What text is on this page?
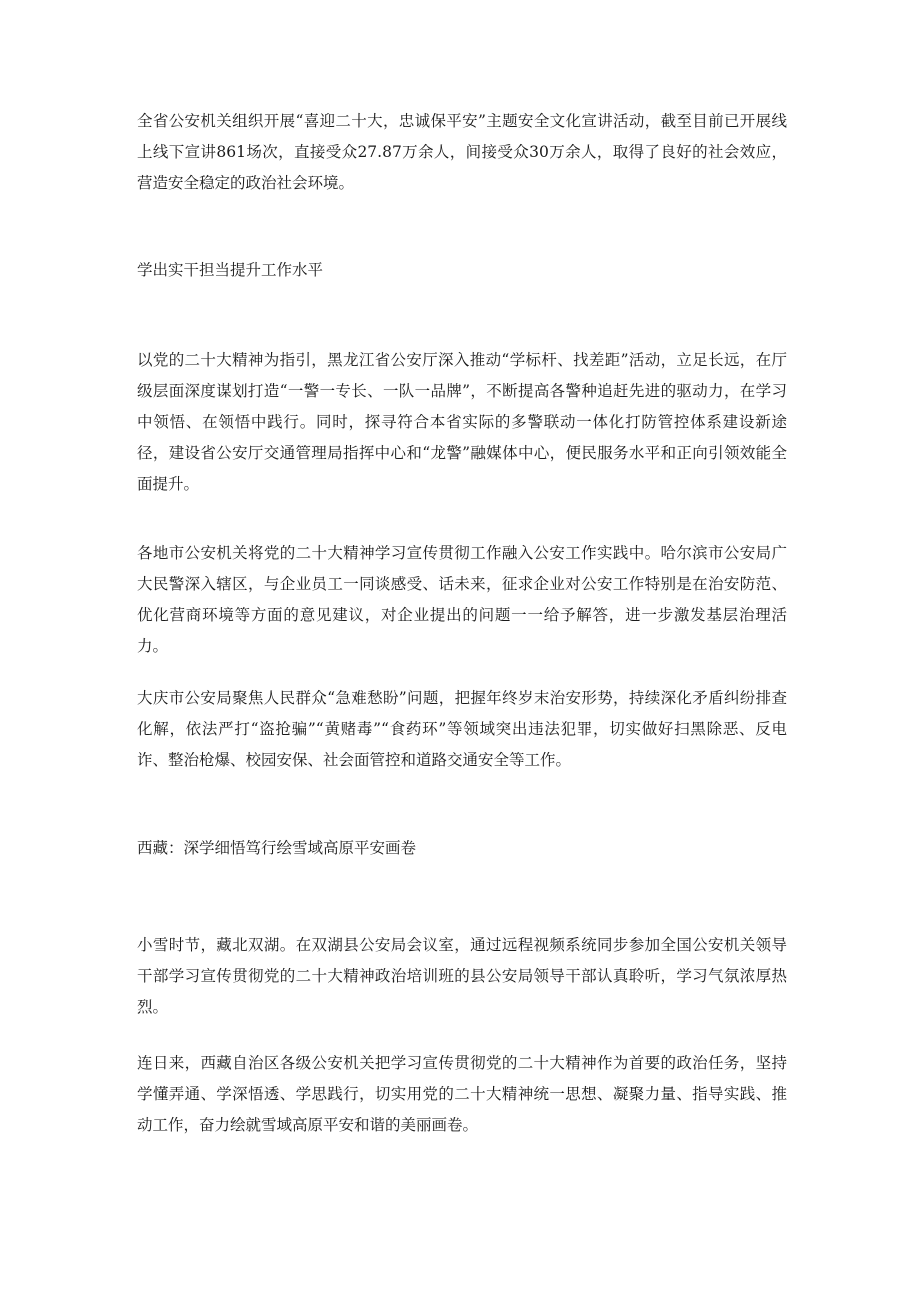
全省公安机关组织开展“喜迎二十大，忠诚保平安”主题安全文化宣讲活动，截至目前已开展线上线下宣讲861场次，直接受众27.87万余人，间接受众30万余人，取得了良好的社会效应，营造安全稳定的政治社会环境。

学出实干担当提升工作水平

以党的二十大精神为指引，黑龙江省公安厅深入推动“学标杆、找差距”活动，立足长远，在厅级层面深度谋划打造“一警一专长、一队一品牌”，不断提高各警种追赶先进的驱动力，在学习中领悟、在领悟中践行。同时，探寻符合本省实际的多警联动一体化打防管控体系建设新途径，建设省公安厅交通管理局指挥中心和“龙警”融媒体中心，便民服务水平和正向引领效能全面提升。

各地市公安机关将党的二十大精神学习宣传贯彻工作融入公安工作实践中。哈尔滨市公安局广大民警深入辖区，与企业员工一同谈感受、话未来，征求企业对公安工作特别是在治安防范、优化营商环境等方面的意见建议，对企业提出的问题一一给予解答，进一步激发基层治理活力。

大庆市公安局聚焦人民群众“急难愁盼”问题，把握年终岁末治安形势，持续深化矛盾纠纷排查化解，依法严打“盗抢骗”“黄赌毒”“食药环”等领域突出违法犯罪，切实做好扫黑除恶、反电诈、整治枪爆、校园安保、社会面管控和道路交通安全等工作。

西藏：深学细悟笃行绘雪域高原平安画卷

小雪时节，藏北双湖。在双湖县公安局会议室，通过远程视频系统同步参加全国公安机关领导干部学习宣传贯彻党的二十大精神政治培训班的县公安局领导干部认真聆听，学习气氛浓厚热烈。

连日来，西藏自治区各级公安机关把学习宣传贯彻党的二十大精神作为首要的政治任务，坚持学懂弄通、学深悟透、学思践行，切实用党的二十大精神统一思想、凝聚力量、指导实践、推动工作，奋力绘就雪域高原平安和谐的美丽画卷。
